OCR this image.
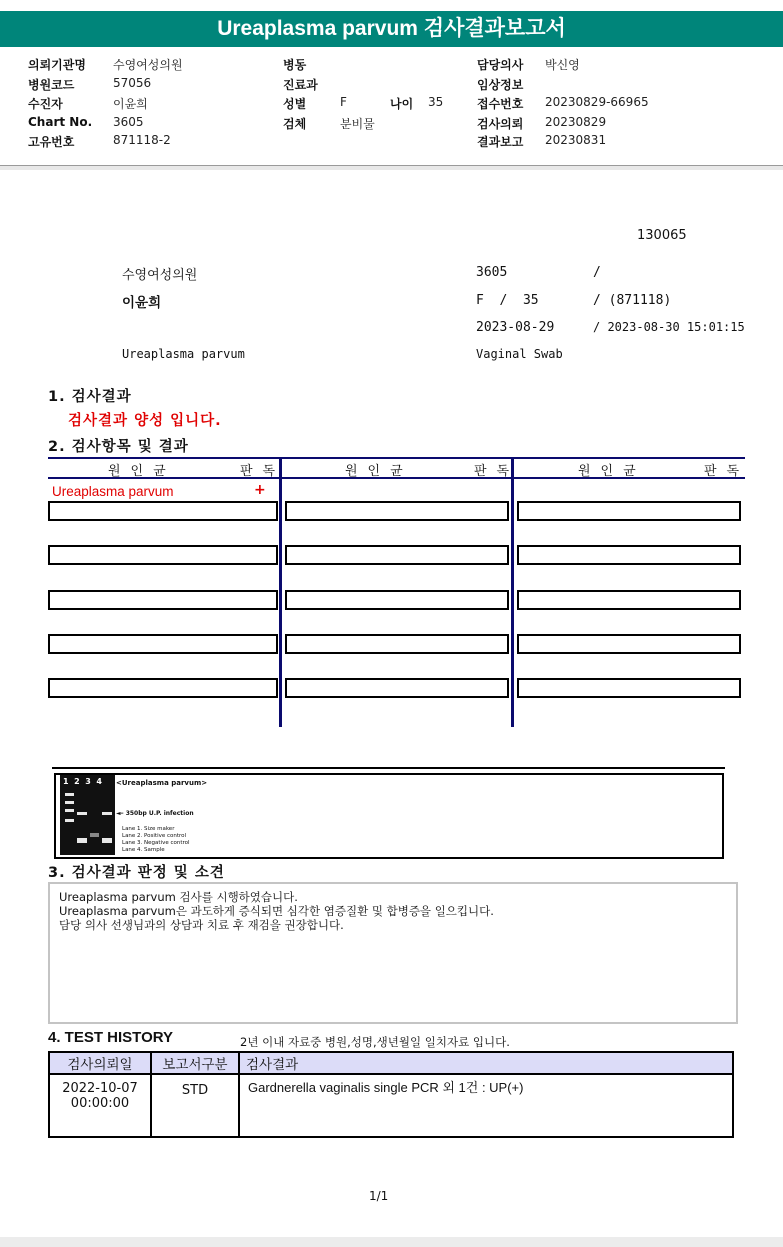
Ureaplasma parvum 검사결과보고서
의뢰기관명 수영여성의원
병원코드	57056
수진자	이윤희
Chart No. 3605
고유번호	871118-2
병동
진료과
성별	F	나이 35
검체	분비물
담당의사 박신영
임상정보
접수번호 20230829-66965
검사의뢰 20230829
결과보고 20230831
130065
수영여성의원	3605	/
이윤희	F  /  35	/ (871118)
2023-08-29	/ 2023-08-30 15:01:15
Ureaplasma parvum	Vaginal Swab
1. 검사결과
검사결과 양성 입니다.
2. 검사항목 및 결과
원인균	판독	원인균	판독	원인균	판독
Ureaplasma parvum	+
1  2  3  4 <Ureaplasma parvum>
◄– 350bp U.P. infection
Lane 1. Size maker
Lane 2. Positive control
Lane 3. Negative control
Lane 4. Sample
3. 검사결과 판정 및 소견
Ureaplasma parvum 검사를 시행하였습니다.
Ureaplasma parvum은 과도하게 증식되면 심각한 염증질환 및 합병증을 일으킵니다.
담당 의사 선생님과의 상담과 치료 후 재검을 권장합니다.
4. TEST HISTORY	2년 이내 자료중 병원,성명,생년월일 일치자료 입니다.
검사의뢰일	보고서구분	검사결과

2022-10-07
00:00:00	STD	Gardnerella vaginalis single PCR 외 1건 : UP(+)
1/1
